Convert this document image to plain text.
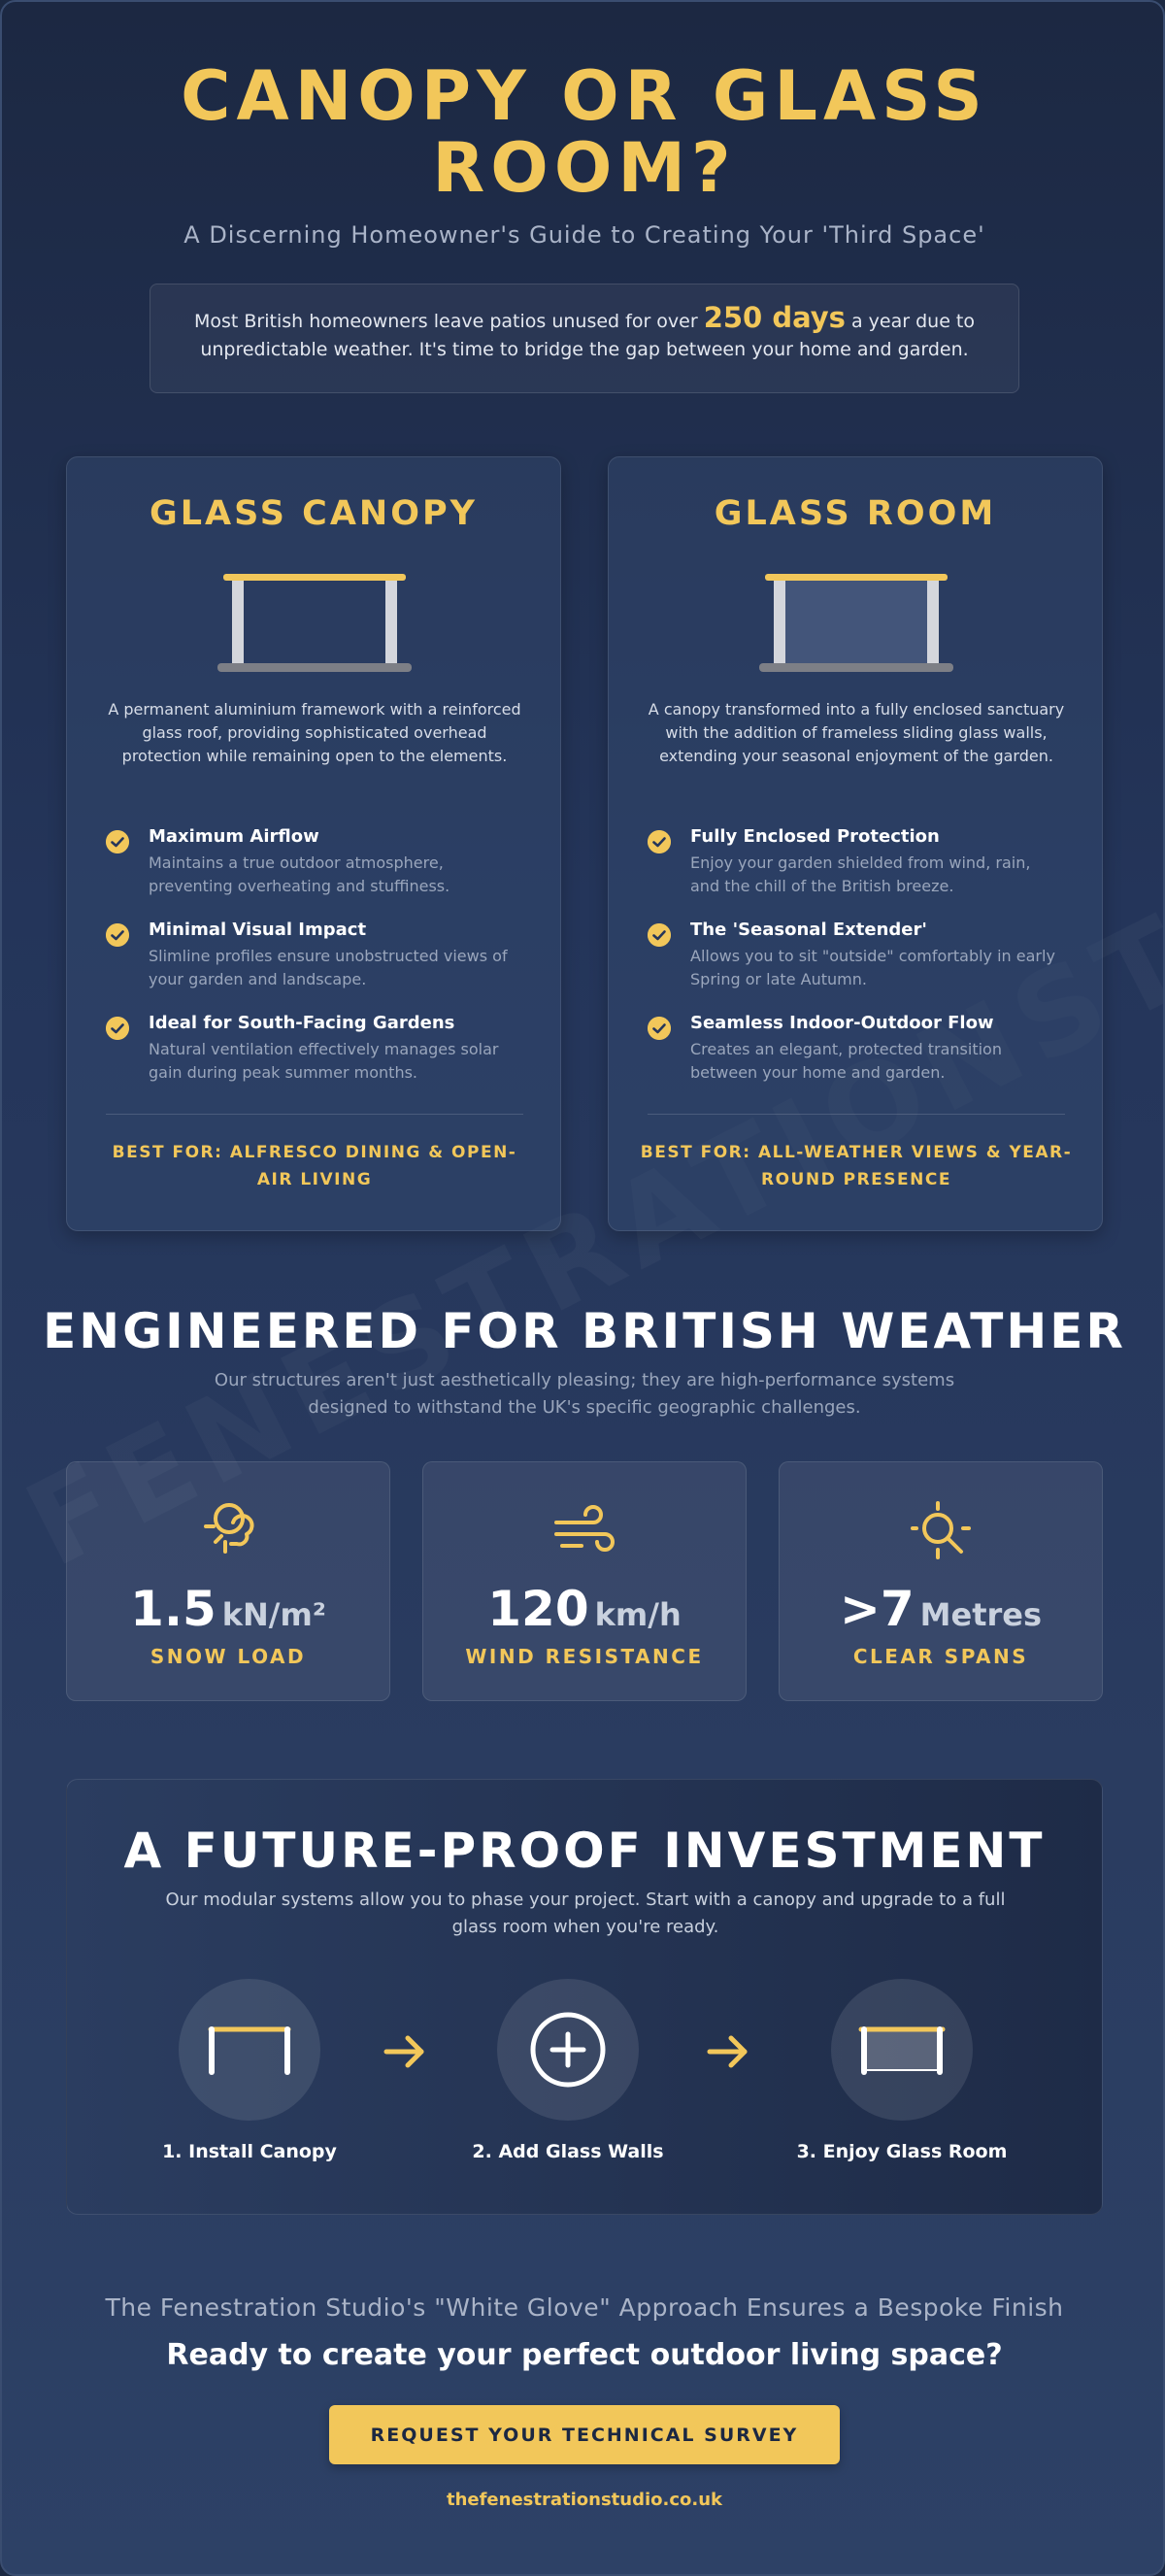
CANOPY OR GLASS
ROOM?
A Discerning Homeowner's Guide to Creating Your 'Third Space'
Most British homeowners leave patios unused for over 250 days a year due to unpredictable weather. It's time to bridge the gap between your home and garden.
GLASS CANOPY
A permanent aluminium framework with a reinforced glass roof, providing sophisticated overhead protection while remaining open to the elements.
Maximum Airflow
Maintains a true outdoor atmosphere, preventing overheating and stuffiness.
Minimal Visual Impact
Slimline profiles ensure unobstructed views of your garden and landscape.
Ideal for South-Facing Gardens
Natural ventilation effectively manages solar gain during peak summer months.
BEST FOR: ALFRESCO DINING & OPEN-AIR LIVING
GLASS ROOM
A canopy transformed into a fully enclosed sanctuary with the addition of frameless sliding glass walls, extending your seasonal enjoyment of the garden.
Fully Enclosed Protection
Enjoy your garden shielded from wind, rain, and the chill of the British breeze.
The 'Seasonal Extender'
Allows you to sit "outside" comfortably in early Spring or late Autumn.
Seamless Indoor-Outdoor Flow
Creates an elegant, protected transition between your home and garden.
BEST FOR: ALL-WEATHER VIEWS & YEAR-ROUND PRESENCE
ENGINEERED FOR BRITISH WEATHER
Our structures aren't just aesthetically pleasing; they are high-performance systems designed to withstand the UK's specific geographic challenges.
1.5 kN/m²
SNOW LOAD
120 km/h
WIND RESISTANCE
>7 Metres
CLEAR SPANS
A FUTURE-PROOF INVESTMENT
Our modular systems allow you to phase your project. Start with a canopy and upgrade to a full glass room when you're ready.
1. Install Canopy	2. Add Glass Walls	3. Enjoy Glass Room
The Fenestration Studio's "White Glove" Approach Ensures a Bespoke Finish
Ready to create your perfect outdoor living space?
REQUEST YOUR TECHNICAL SURVEY
thefenestrationstudio.co.uk
